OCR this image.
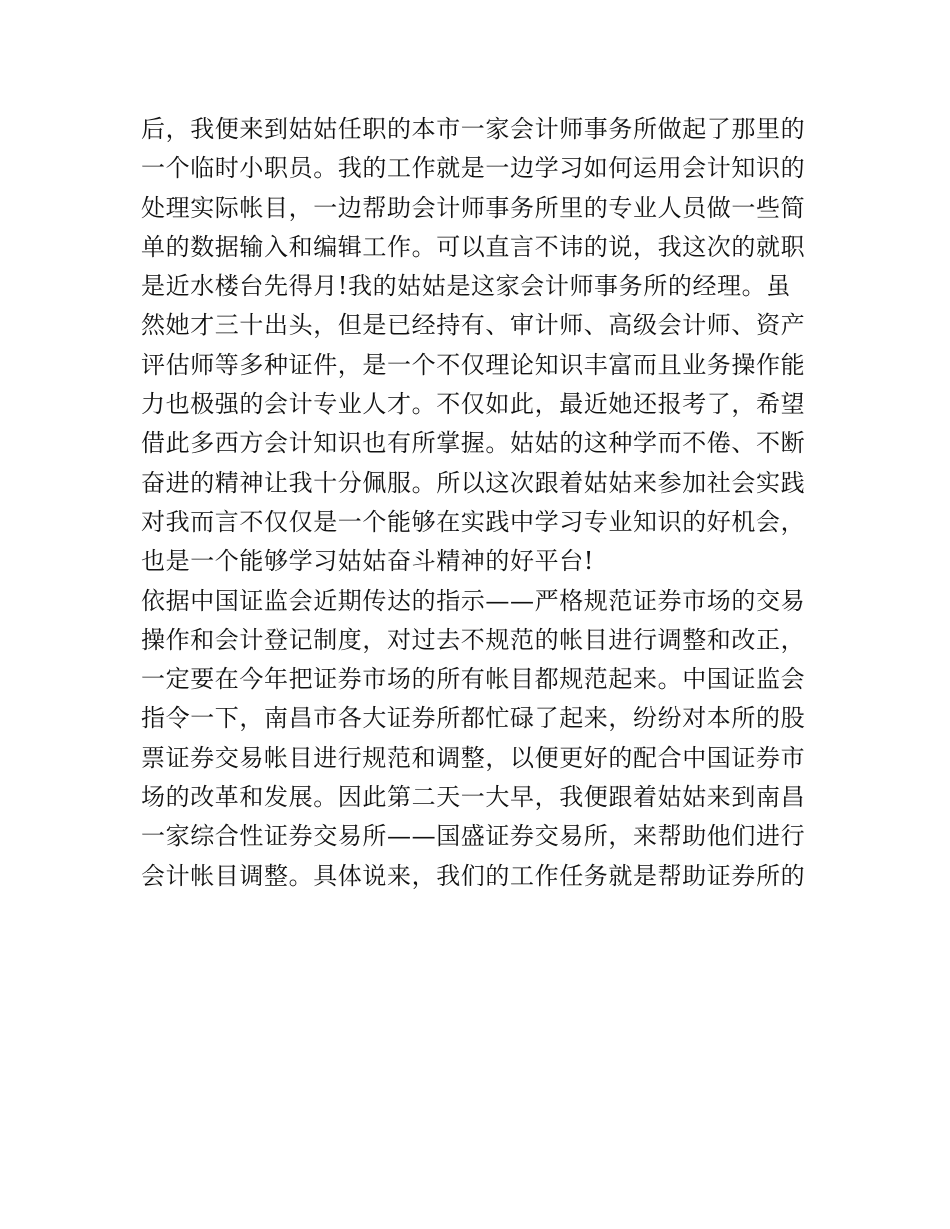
后，我便来到姑姑任职的本市一家会计师事务所做起了那里的
一个临时小职员。我的工作就是一边学习如何运用会计知识的
处理实际帐目，一边帮助会计师事务所里的专业人员做一些简
单的数据输入和编辑工作。可以直言不讳的说，我这次的就职
是近水楼台先得月!我的姑姑是这家会计师事务所的经理。虽
然她才三十出头，但是已经持有、审计师、高级会计师、资产
评估师等多种证件，是一个不仅理论知识丰富而且业务操作能
力也极强的会计专业人才。不仅如此，最近她还报考了，希望
借此多西方会计知识也有所掌握。姑姑的这种学而不倦、不断
奋进的精神让我十分佩服。所以这次跟着姑姑来参加社会实践
对我而言不仅仅是一个能够在实践中学习专业知识的好机会，
也是一个能够学习姑姑奋斗精神的好平台!
依据中国证监会近期传达的指示——严格规范证券市场的交易
操作和会计登记制度，对过去不规范的帐目进行调整和改正，
一定要在今年把证券市场的所有帐目都规范起来。中国证监会
指令一下，南昌市各大证券所都忙碌了起来，纷纷对本所的股
票证券交易帐目进行规范和调整，以便更好的配合中国证券市
场的改革和发展。因此第二天一大早，我便跟着姑姑来到南昌
一家综合性证券交易所——国盛证券交易所，来帮助他们进行
会计帐目调整。具体说来，我们的工作任务就是帮助证券所的
